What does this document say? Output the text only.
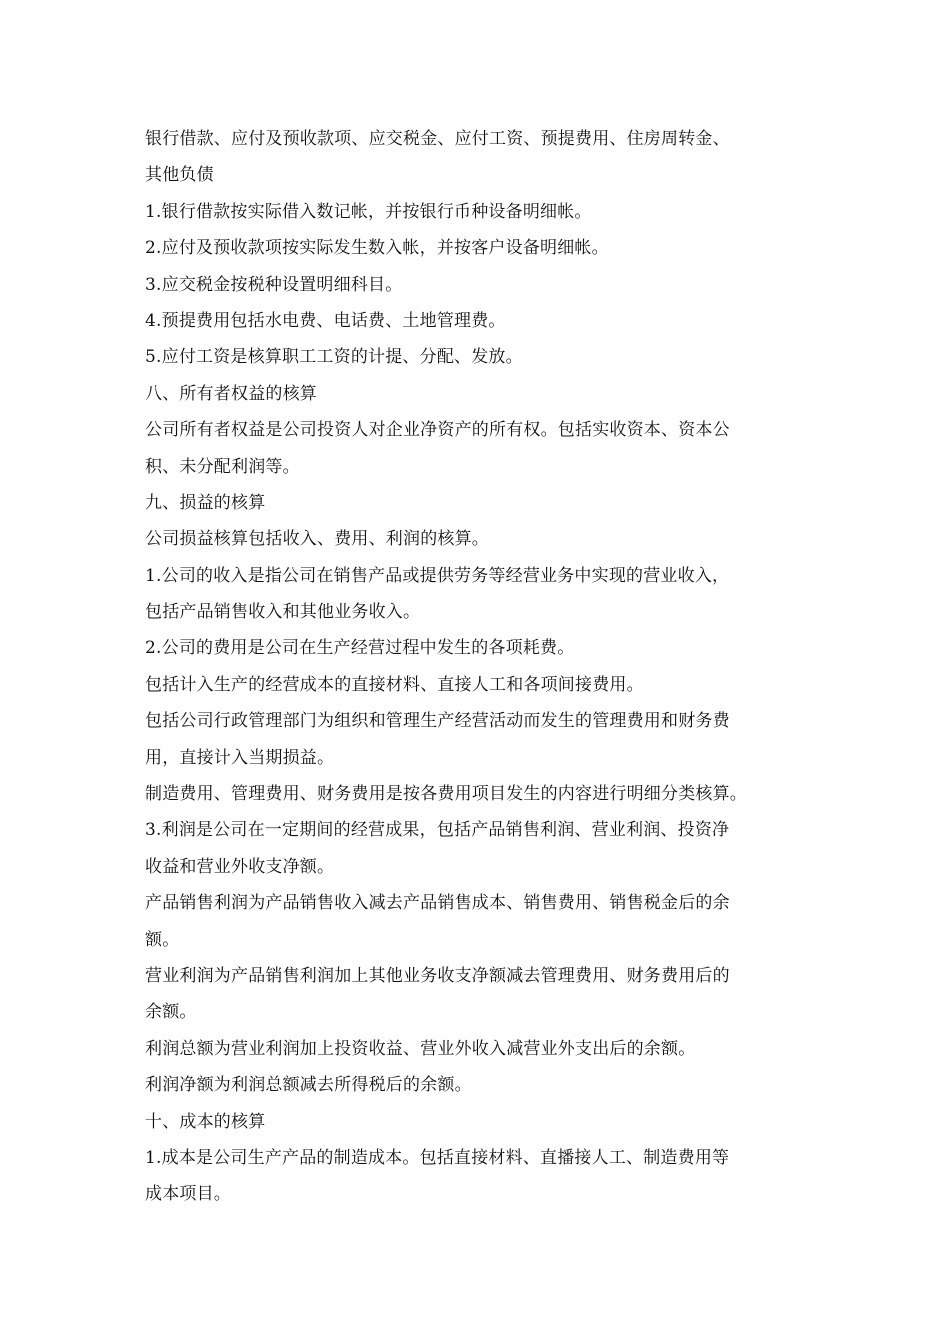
银行借款、应付及预收款项、应交税金、应付工资、预提费用、住房周转金、
其他负债
1.银行借款按实际借入数记帐，并按银行币种设备明细帐。
2.应付及预收款项按实际发生数入帐，并按客户设备明细帐。
3.应交税金按税种设置明细科目。
4.预提费用包括水电费、电话费、土地管理费。
5.应付工资是核算职工工资的计提、分配、发放。
八、所有者权益的核算
公司所有者权益是公司投资人对企业净资产的所有权。包括实收资本、资本公
积、未分配利润等。
九、损益的核算
公司损益核算包括收入、费用、利润的核算。
1.公司的收入是指公司在销售产品或提供劳务等经营业务中实现的营业收入，
包括产品销售收入和其他业务收入。
2.公司的费用是公司在生产经营过程中发生的各项耗费。
包括计入生产的经营成本的直接材料、直接人工和各项间接费用。
包括公司行政管理部门为组织和管理生产经营活动而发生的管理费用和财务费
用，直接计入当期损益。
制造费用、管理费用、财务费用是按各费用项目发生的内容进行明细分类核算。
3.利润是公司在一定期间的经营成果，包括产品销售利润、营业利润、投资净
收益和营业外收支净额。
产品销售利润为产品销售收入减去产品销售成本、销售费用、销售税金后的余
额。
营业利润为产品销售利润加上其他业务收支净额减去管理费用、财务费用后的
余额。
利润总额为营业利润加上投资收益、营业外收入减营业外支出后的余额。
利润净额为利润总额减去所得税后的余额。
十、成本的核算
1.成本是公司生产产品的制造成本。包括直接材料、直播接人工、制造费用等
成本项目。
